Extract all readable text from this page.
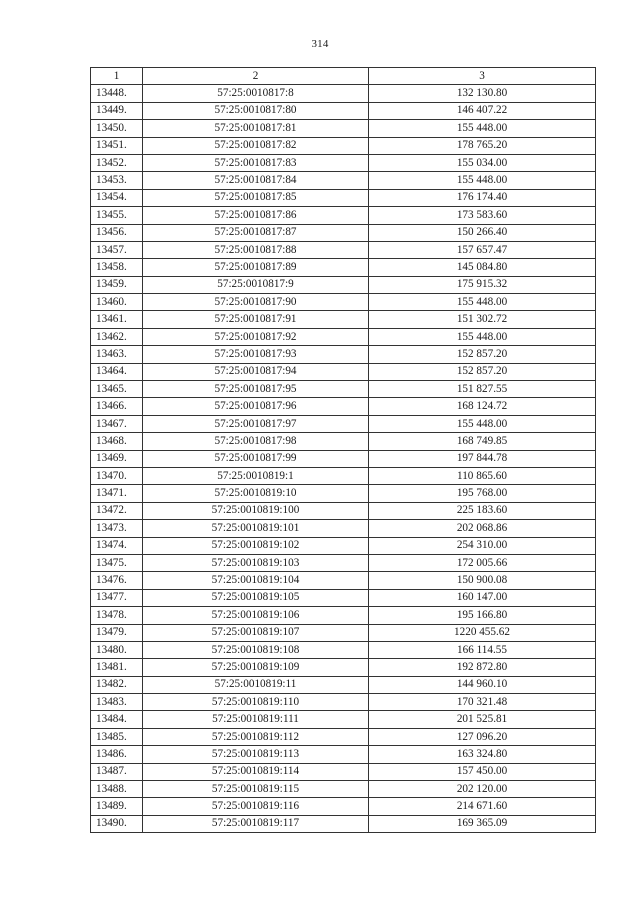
314
1	2	3
13448.	57:25:0010817:8	132 130.80
13449.	57:25:0010817:80	146 407.22
13450.	57:25:0010817:81	155 448.00
13451.	57:25:0010817:82	178 765.20
13452.	57:25:0010817:83	155 034.00
13453.	57:25:0010817:84	155 448.00
13454.	57:25:0010817:85	176 174.40
13455.	57:25:0010817:86	173 583.60
13456.	57:25:0010817:87	150 266.40
13457.	57:25:0010817:88	157 657.47
13458.	57:25:0010817:89	145 084.80
13459.	57:25:0010817:9	175 915.32
13460.	57:25:0010817:90	155 448.00
13461.	57:25:0010817:91	151 302.72
13462.	57:25:0010817:92	155 448.00
13463.	57:25:0010817:93	152 857.20
13464.	57:25:0010817:94	152 857.20
13465.	57:25:0010817:95	151 827.55
13466.	57:25:0010817:96	168 124.72
13467.	57:25:0010817:97	155 448.00
13468.	57:25:0010817:98	168 749.85
13469.	57:25:0010817:99	197 844.78
13470.	57:25:0010819:1	110 865.60
13471.	57:25:0010819:10	195 768.00
13472.	57:25:0010819:100	225 183.60
13473.	57:25:0010819:101	202 068.86
13474.	57:25:0010819:102	254 310.00
13475.	57:25:0010819:103	172 005.66
13476.	57:25:0010819:104	150 900.08
13477.	57:25:0010819:105	160 147.00
13478.	57:25:0010819:106	195 166.80
13479.	57:25:0010819:107	1220 455.62
13480.	57:25:0010819:108	166 114.55
13481.	57:25:0010819:109	192 872.80
13482.	57:25:0010819:11	144 960.10
13483.	57:25:0010819:110	170 321.48
13484.	57:25:0010819:111	201 525.81
13485.	57:25:0010819:112	127 096.20
13486.	57:25:0010819:113	163 324.80
13487.	57:25:0010819:114	157 450.00
13488.	57:25:0010819:115	202 120.00
13489.	57:25:0010819:116	214 671.60
13490.	57:25:0010819:117	169 365.09
